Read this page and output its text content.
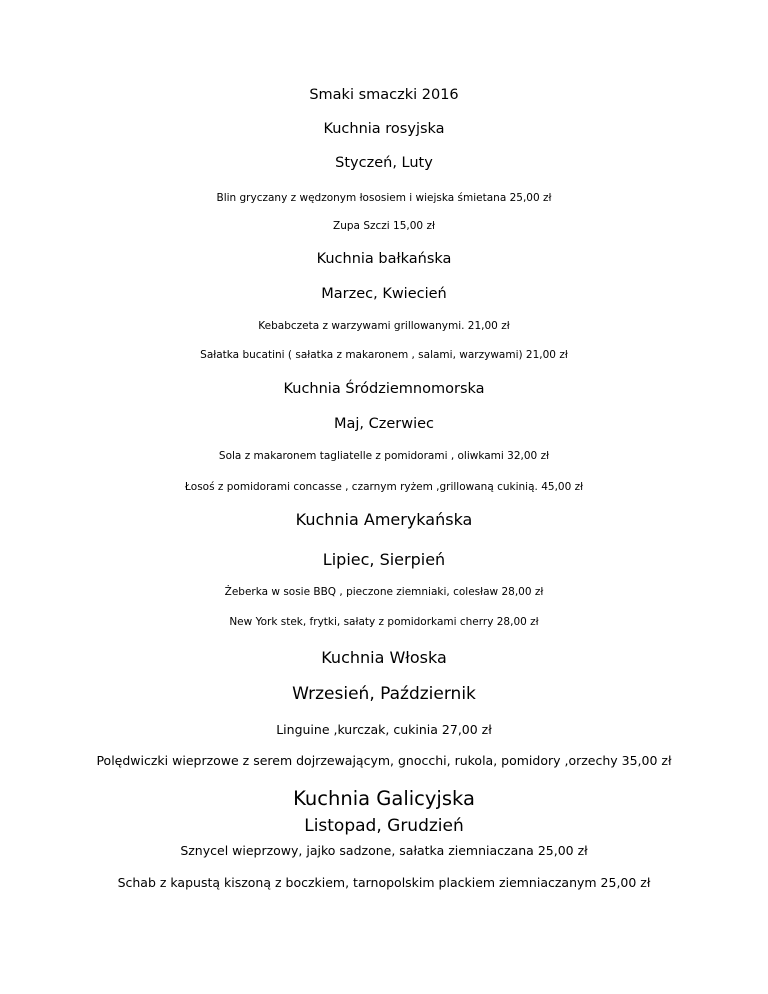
Smaki smaczki 2016
Kuchnia rosyjska
Styczeń, Luty
Blin gryczany z wędzonym łososiem i wiejska śmietana 25,00 zł
Zupa Szczi 15,00 zł
Kuchnia bałkańska
Marzec, Kwiecień
Kebabczeta z warzywami grillowanymi. 21,00 zł
Sałatka bucatini ( sałatka z makaronem , salami, warzywami) 21,00 zł
Kuchnia Śródziemnomorska
Maj, Czerwiec
Sola z makaronem tagliatelle z pomidorami , oliwkami 32,00 zł
Łosoś z pomidorami concasse , czarnym ryżem ,grillowaną cukinią. 45,00 zł
Kuchnia Amerykańska
Lipiec, Sierpień
Żeberka w sosie BBQ , pieczone ziemniaki, colesław 28,00 zł
New York stek, frytki, sałaty z pomidorkami cherry 28,00 zł
Kuchnia Włoska
Wrzesień, Październik
Linguine ,kurczak, cukinia 27,00 zł
Polędwiczki wieprzowe z serem dojrzewającym, gnocchi, rukola, pomidory ,orzechy 35,00 zł
Kuchnia Galicyjska
Listopad, Grudzień
Sznycel wieprzowy, jajko sadzone, sałatka ziemniaczana 25,00 zł
Schab z kapustą kiszoną z boczkiem, tarnopolskim plackiem ziemniaczanym 25,00 zł
